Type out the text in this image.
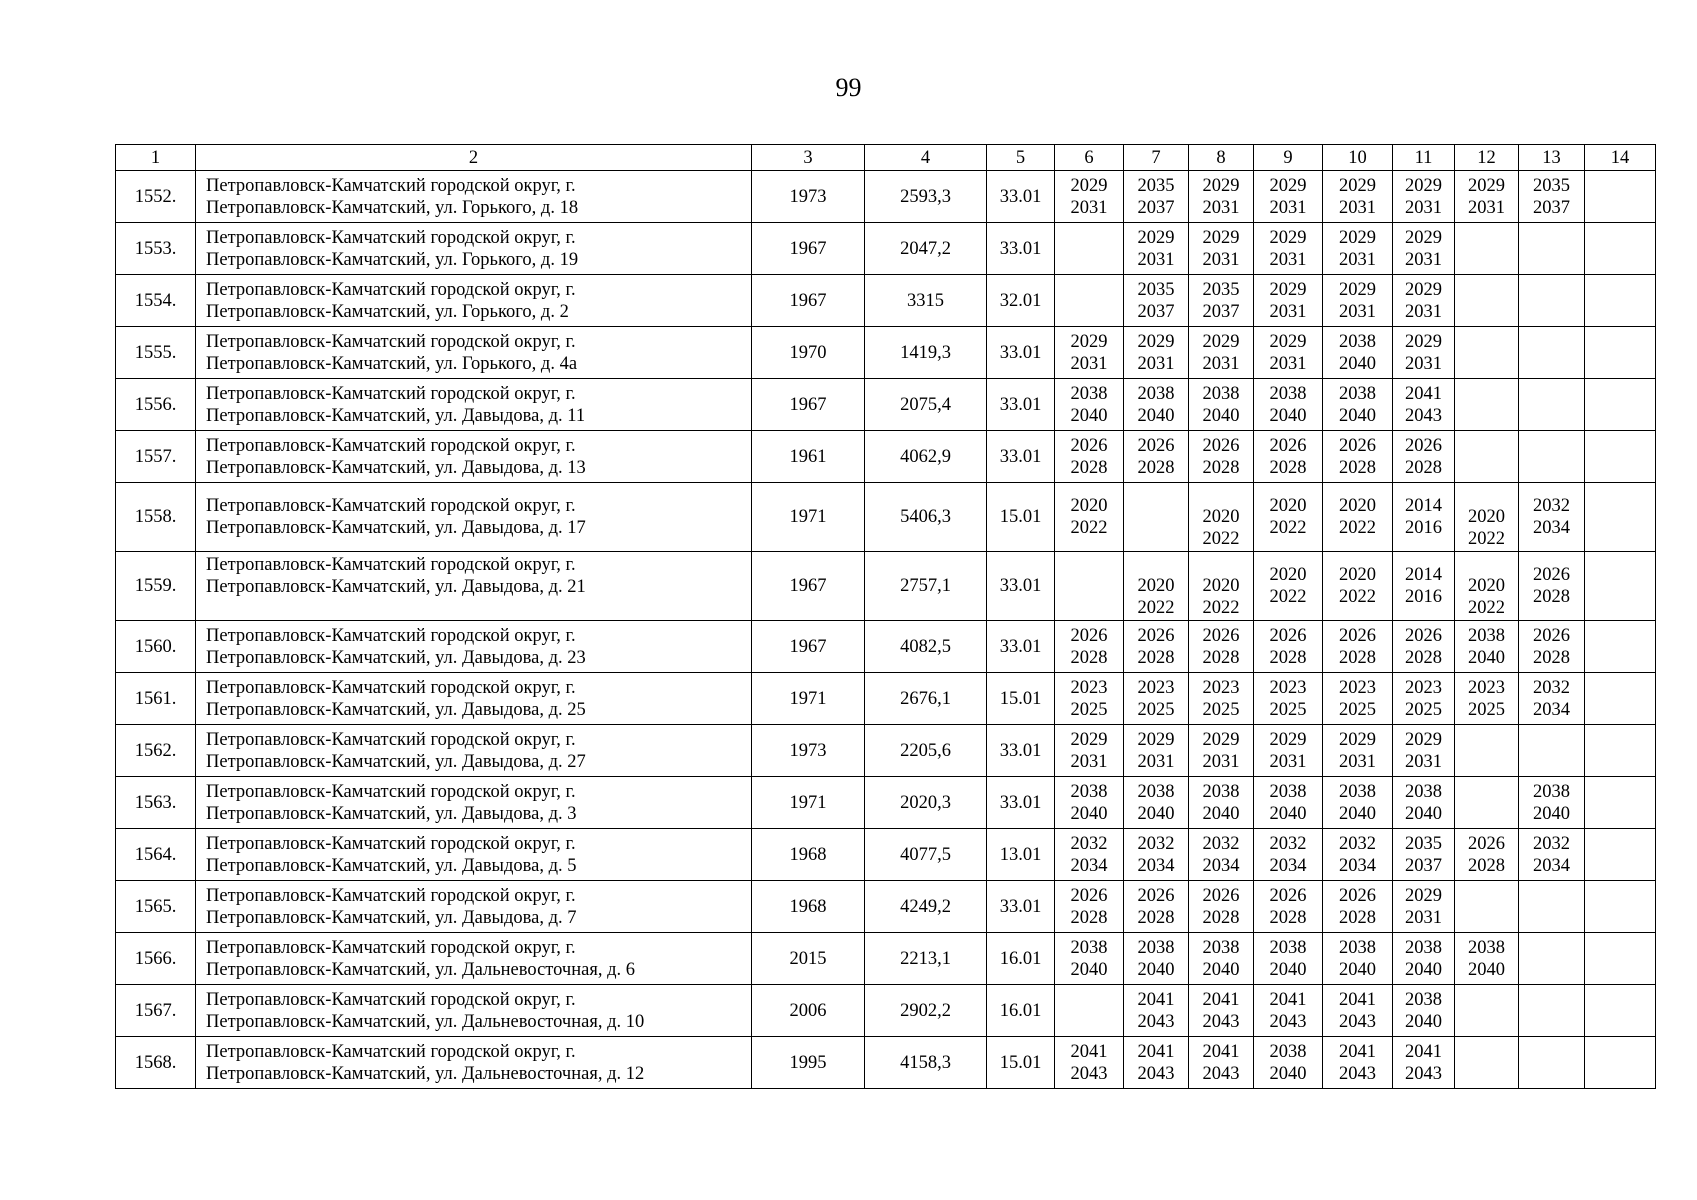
99
1	2	3	4	5	6	7	8	9	10	11	12	13	14
1552.	Петропавловск-Камчатский городской округ, г.
Петропавловск-Камчатский, ул. Горького, д. 18	1973	2593,3	33.01	2029
2031	2035
2037	2029
2031	2029
2031	2029
2031	2029
2031	2029
2031	2035
2037	

1553.	Петропавловск-Камчатский городской округ, г.
Петропавловск-Камчатский, ул. Горького, д. 19	1967	2047,2	33.01		2029
2031	2029
2031	2029
2031	2029
2031	2029
2031			

1554.	Петропавловск-Камчатский городской округ, г.
Петропавловск-Камчатский, ул. Горького, д. 2	1967	3315	32.01		2035
2037	2035
2037	2029
2031	2029
2031	2029
2031			

1555.	Петропавловск-Камчатский городской округ, г.
Петропавловск-Камчатский, ул. Горького, д. 4а	1970	1419,3	33.01	2029
2031	2029
2031	2029
2031	2029
2031	2038
2040	2029
2031			

1556.	Петропавловск-Камчатский городской округ, г.
Петропавловск-Камчатский, ул. Давыдова, д. 11	1967	2075,4	33.01	2038
2040	2038
2040	2038
2040	2038
2040	2038
2040	2041
2043			

1557.	Петропавловск-Камчатский городской округ, г.
Петропавловск-Камчатский, ул. Давыдова, д. 13	1961	4062,9	33.01	2026
2028	2026
2028	2026
2028	2026
2028	2026
2028	2026
2028			

1558.	Петропавловск-Камчатский городской округ, г.
Петропавловск-Камчатский, ул. Давыдова, д. 17	1971	5406,3	15.01	2020
2022		2020
2022	2020
2022	2020
2022	2014
2016	2020
2022	2032
2034	

1559.	Петропавловск-Камчатский городской округ, г.
Петропавловск-Камчатский, ул. Давыдова, д. 21	1967	2757,1	33.01		2020
2022	2020
2022	2020
2022	2020
2022	2014
2016	2020
2022	2026
2028	

1560.	Петропавловск-Камчатский городской округ, г.
Петропавловск-Камчатский, ул. Давыдова, д. 23	1967	4082,5	33.01	2026
2028	2026
2028	2026
2028	2026
2028	2026
2028	2026
2028	2038
2040	2026
2028	

1561.	Петропавловск-Камчатский городской округ, г.
Петропавловск-Камчатский, ул. Давыдова, д. 25	1971	2676,1	15.01	2023
2025	2023
2025	2023
2025	2023
2025	2023
2025	2023
2025	2023
2025	2032
2034	

1562.	Петропавловск-Камчатский городской округ, г.
Петропавловск-Камчатский, ул. Давыдова, д. 27	1973	2205,6	33.01	2029
2031	2029
2031	2029
2031	2029
2031	2029
2031	2029
2031			

1563.	Петропавловск-Камчатский городской округ, г.
Петропавловск-Камчатский, ул. Давыдова, д. 3	1971	2020,3	33.01	2038
2040	2038
2040	2038
2040	2038
2040	2038
2040	2038
2040		2038
2040	

1564.	Петропавловск-Камчатский городской округ, г.
Петропавловск-Камчатский, ул. Давыдова, д. 5	1968	4077,5	13.01	2032
2034	2032
2034	2032
2034	2032
2034	2032
2034	2035
2037	2026
2028	2032
2034	

1565.	Петропавловск-Камчатский городской округ, г.
Петропавловск-Камчатский, ул. Давыдова, д. 7	1968	4249,2	33.01	2026
2028	2026
2028	2026
2028	2026
2028	2026
2028	2029
2031			

1566.	Петропавловск-Камчатский городской округ, г.
Петропавловск-Камчатский, ул. Дальневосточная, д. 6	2015	2213,1	16.01	2038
2040	2038
2040	2038
2040	2038
2040	2038
2040	2038
2040	2038
2040		

1567.	Петропавловск-Камчатский городской округ, г.
Петропавловск-Камчатский, ул. Дальневосточная, д. 10	2006	2902,2	16.01		2041
2043	2041
2043	2041
2043	2041
2043	2038
2040			

1568.	Петропавловск-Камчатский городской округ, г.
Петропавловск-Камчатский, ул. Дальневосточная, д. 12	1995	4158,3	15.01	2041
2043	2041
2043	2041
2043	2038
2040	2041
2043	2041
2043			
